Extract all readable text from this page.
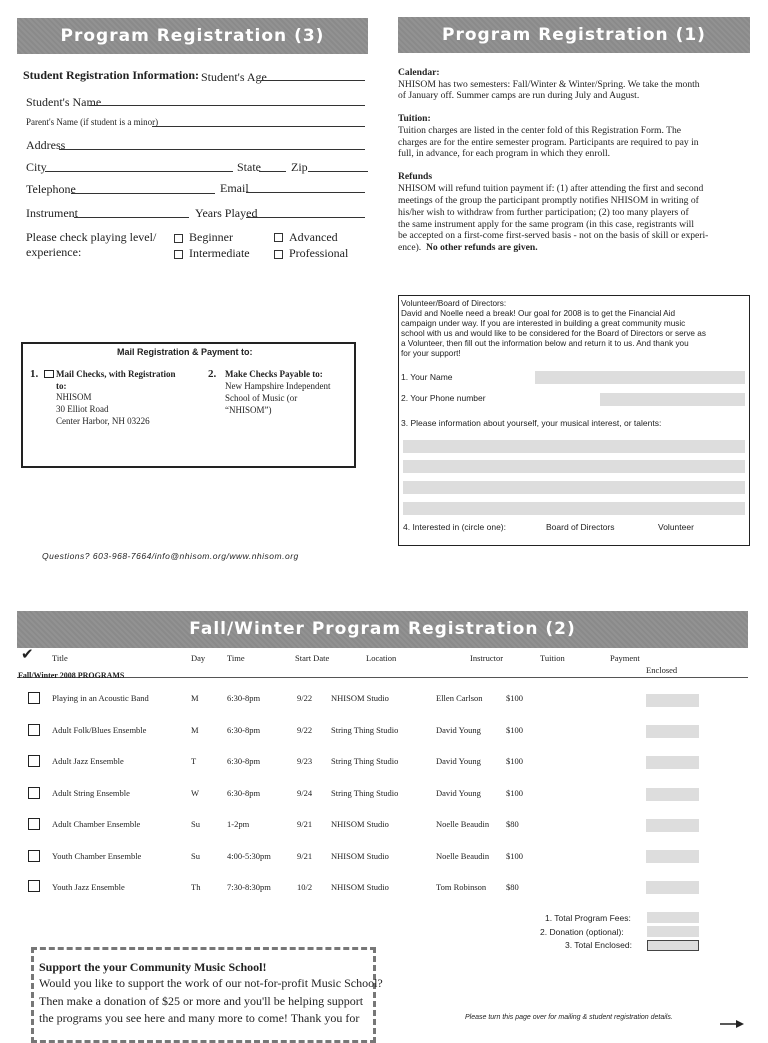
Program Registration (3)
Student Registration Information: Student's Age
Student's Name
Parent's Name (if student is a minor)
Address
City	State	Zip
Telephone	Email
Instrument	Years Played
Please check playing level/
experience:
Beginner
Intermediate
Advanced
Professional
Mail Registration & Payment to:
1. Mail Checks, with Registration
to:
NHISOM
30 Elliot Road
Center Harbor, NH 03226
2. Make Checks Payable to:
New Hampshire Independent
School of Music (or
“NHISOM”)
Questions? 603-968-7664/info@nhisom.org/www.nhisom.org
Program Registration (1)
Calendar:
NHISOM has two semesters: Fall/Winter & Winter/Spring. We take the month
of January off. Summer camps are run during July and August.
Tuition:
Tuition charges are listed in the center fold of this Registration Form. The
charges are for the entire semester program. Participants are required to pay in
full, in advance, for each program in which they enroll.
Refunds
NHISOM will refund tuition payment if: (1) after attending the first and second
meetings of the group the participant promptly notifies NHISOM in writing of
his/her wish to withdraw from further participation; (2) too many players of
the same instrument apply for the same program (in this case, registrants will
be accepted on a first-come first-served basis - not on the basis of skill or experi-
ence). No other refunds are given.
Volunteer/Board of Directors:
David and Noelle need a break! Our goal for 2008 is to get the Financial Aid
campaign under way. If you are interested in building a great community music
school with us and would like to be considered for the Board of Directors or serve as
a Volunteer, then fill out the information below and return it to us. And thank you
for your support!
1. Your Name
2. Your Phone number
3. Please information about yourself, your musical interest, or talents:
4. Interested in (circle one):	Board of Directors	Volunteer
Fall/Winter Program Registration (2)
✔ Title	Day	Time	Start Date	Location	Instructor	Tuition	Payment
Enclosed
Fall/Winter 2008 PROGRAMS
Playing in an Acoustic Band	M	6:30-8pm	9/22 NHISOM Studio	Ellen Carlson	$100
Adult Folk/Blues Ensemble	M	6:30-8pm	9/22 String Thing Studio	David Young	$100
Adult Jazz Ensemble	T	6:30-8pm	9/23 String Thing Studio	David Young	$100
Adult String Ensemble	W	6:30-8pm	9/24 String Thing Studio	David Young	$100
Adult Chamber Ensemble	Su	1-2pm	9/21 NHISOM Studio	Noelle Beaudin $80
Youth Chamber Ensemble	Su	4:00-5:30pm	9/21 NHISOM Studio	Noelle Beaudin $100
Youth Jazz Ensemble	Th	7:30-8:30pm	10/2 NHISOM Studio	Tom Robinson $80
1. Total Program Fees:
2. Donation (optional):
3. Total Enclosed:
Support the your Community Music School!
Would you like to support the work of our not-for-profit Music School?
Then make a donation of $25 or more and you'll be helping support
the programs you see here and many more to come! Thank you for	Please turn this page over for mailing & student registration details.
